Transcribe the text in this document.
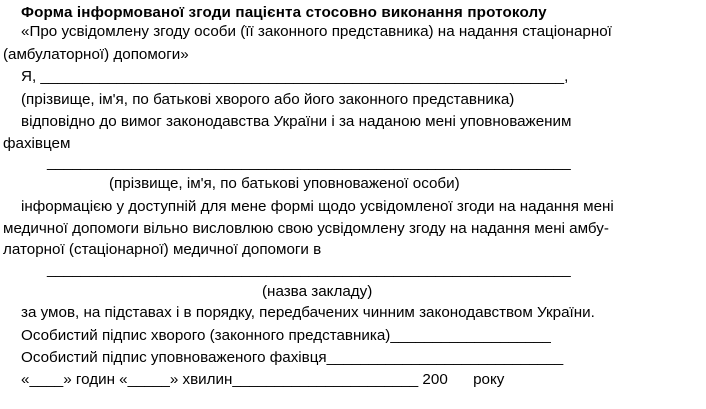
Форма інформованої згоди пацієнта стосовно виконання протоколу
«Про усвідомлену згоду особи (її законного представника) на надання стаціонарної
(амбулаторної) допомоги»
Я, ______________________________________________________________,
(прізвище, ім'я, по батькові хворого або його законного представника)
відповідно до вимог законодавства України і за наданою мені уповноваженим
фахівцем
______________________________________________________________
(прізвище, ім'я, по батькові уповноваженої особи)
інформацією у доступній для мене формі щодо усвідомленої згоди на надання мені
медичної допомоги вільно висловлюю свою усвідомлену згоду на надання мені амбу-
латорної (стаціонарної) медичної допомоги в
______________________________________________________________
(назва закладу)
за умов, на підставах і в порядку, передбачених чинним законодавством України.
Особистий підпис хворого (законного представника)___________________
Особистий підпис уповноваженого фахівця____________________________
«____» годин «_____» хвилин______________________ 200      року
